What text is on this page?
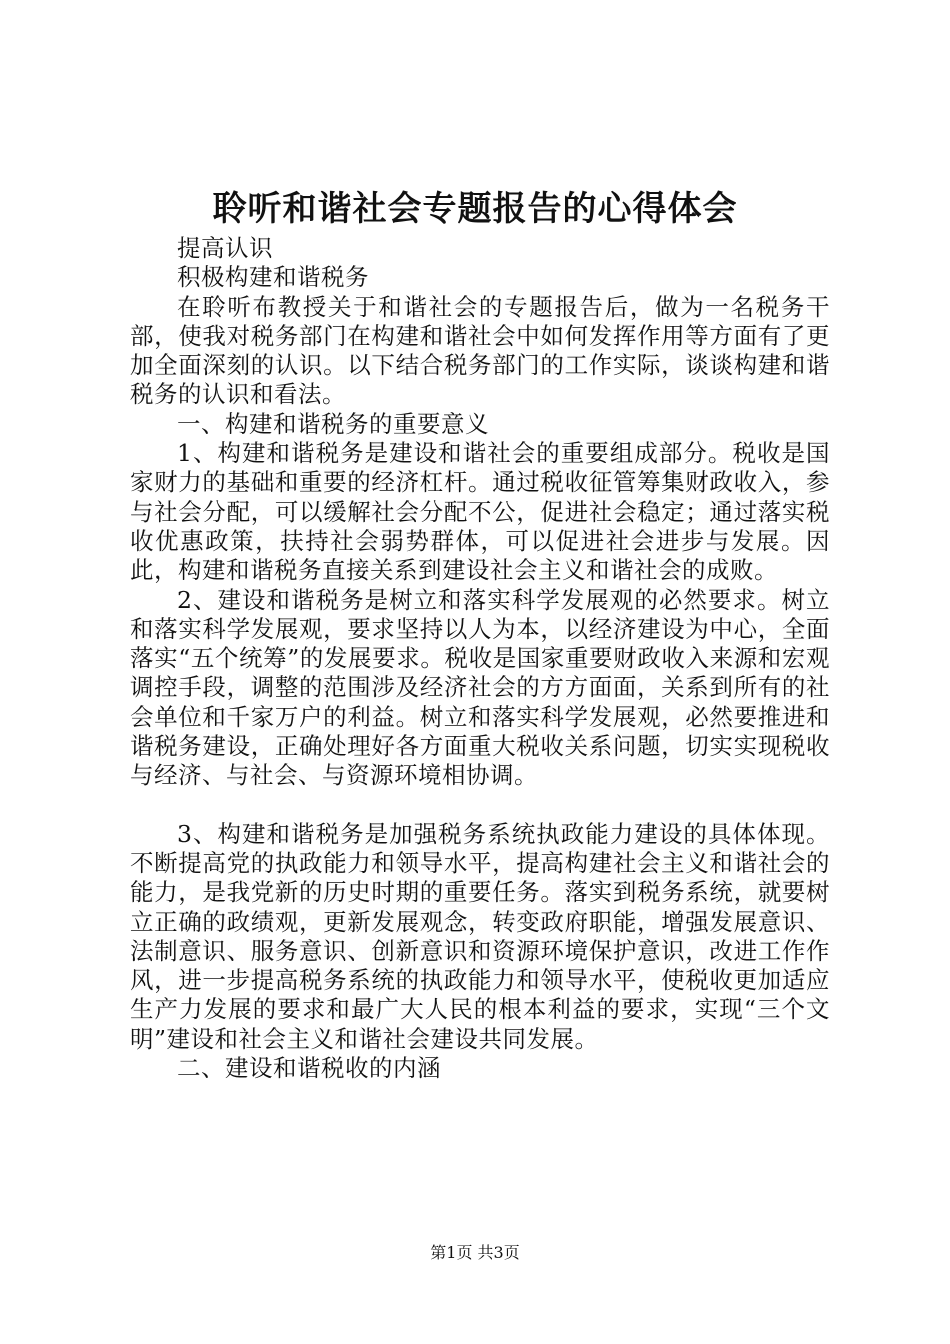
聆听和谐社会专题报告的心得体会

提高认识

积极构建和谐税务

在聆听布教授关于和谐社会的专题报告后，做为一名税务干部，使我对税务部门在构建和谐社会中如何发挥作用等方面有了更加全面深刻的认识。以下结合税务部门的工作实际，谈谈构建和谐税务的认识和看法。

一、构建和谐税务的重要意义

1、构建和谐税务是建设和谐社会的重要组成部分。税收是国家财力的基础和重要的经济杠杆。通过税收征管筹集财政收入，参与社会分配，可以缓解社会分配不公，促进社会稳定；通过落实税收优惠政策，扶持社会弱势群体，可以促进社会进步与发展。因此，构建和谐税务直接关系到建设社会主义和谐社会的成败。

2、建设和谐税务是树立和落实科学发展观的必然要求。树立和落实科学发展观，要求坚持以人为本，以经济建设为中心，全面落实“五个统筹”的发展要求。税收是国家重要财政收入来源和宏观调控手段，调整的范围涉及经济社会的方方面面，关系到所有的社会单位和千家万户的利益。树立和落实科学发展观，必然要推进和谐税务建设，正确处理好各方面重大税收关系问题，切实实现税收与经济、与社会、与资源环境相协调。

3、构建和谐税务是加强税务系统执政能力建设的具体体现。不断提高党的执政能力和领导水平，提高构建社会主义和谐社会的能力，是我党新的历史时期的重要任务。落实到税务系统，就要树立正确的政绩观，更新发展观念，转变政府职能，增强发展意识、法制意识、服务意识、创新意识和资源环境保护意识，改进工作作风，进一步提高税务系统的执政能力和领导水平，使税收更加适应生产力发展的要求和最广大人民的根本利益的要求，实现“三个文明”建设和社会主义和谐社会建设共同发展。

二、建设和谐税收的内涵

第1页 共3页
